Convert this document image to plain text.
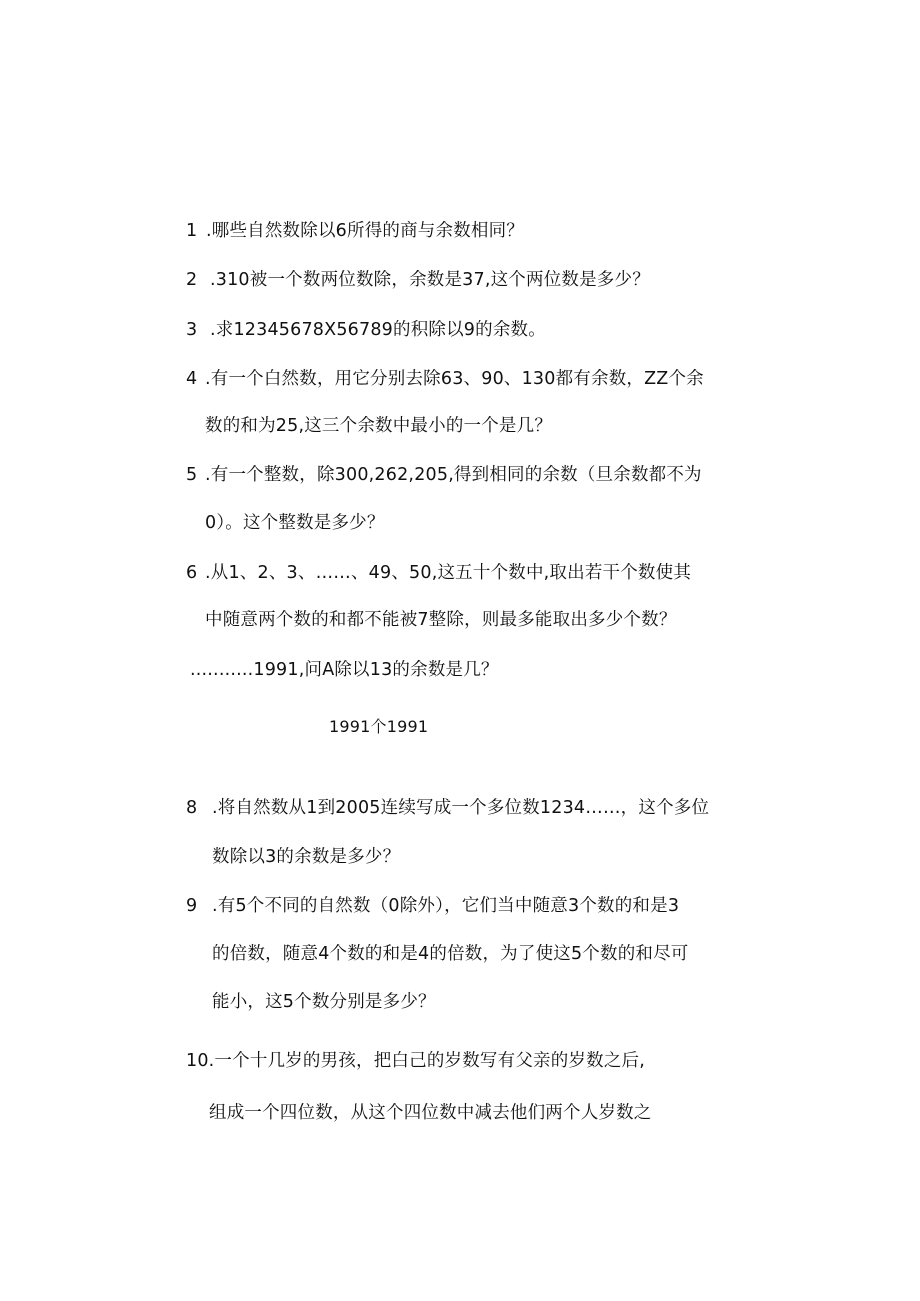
1 .哪些自然数除以6所得的商与余数相同？
2 .310被一个数两位数除，余数是37,这个两位数是多少？
3 .求12345678X56789的积除以9的余数。
4 .有一个白然数，用它分别去除63、90、130都有余数，ZZ个余
数的和为25,这三个余数中最小的一个是几？
5 .有一个整数，除300,262,205,得到相同的余数（旦余数都不为
0）。这个整数是多少？
6 .从1、2、3、……、49、50,这五十个数中,取出若干个数使其
中随意两个数的和都不能被7整除，则最多能取出多少个数？
...........1991,问A除以13的余数是几？
1991个1991
8 .将自然数从1到2005连续写成一个多位数1234……，这个多位
数除以3的余数是多少？
9 .有5个不同的自然数（0除外），它们当中随意3个数的和是3
的倍数，随意4个数的和是4的倍数，为了使这5个数的和尽可
能小，这5个数分别是多少？
10.一个十几岁的男孩，把白己的岁数写有父亲的岁数之后,
组成一个四位数，从这个四位数中减去他们两个人岁数之
